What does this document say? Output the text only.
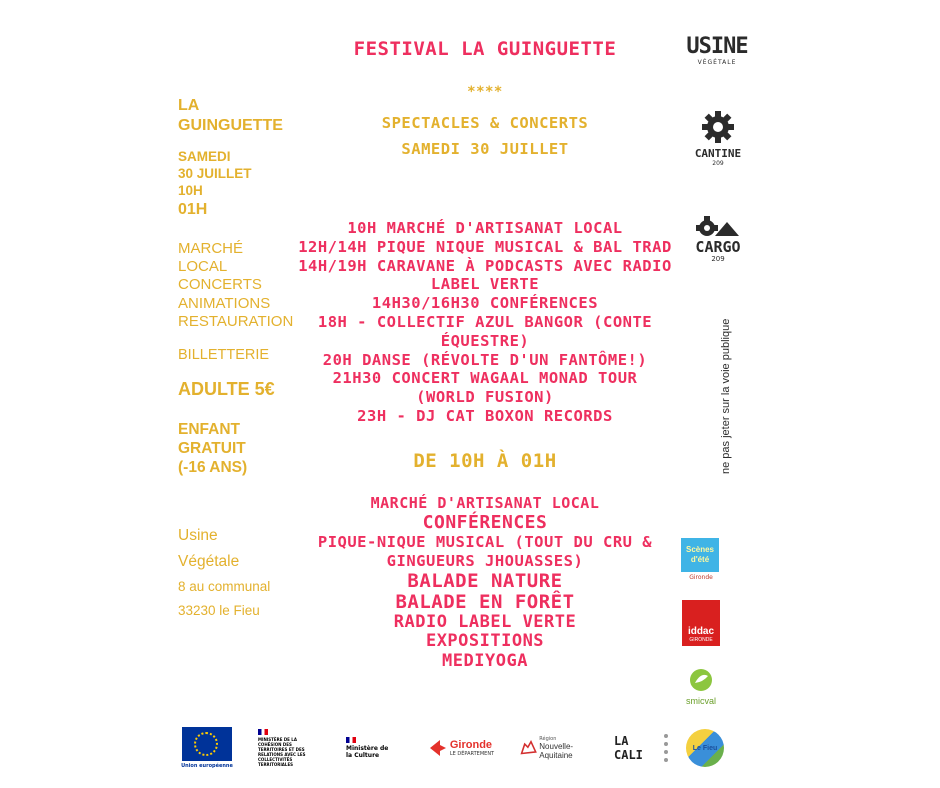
FESTIVAL LA GUINGUETTE
****
SPECTACLES & CONCERTS
SAMEDI 30 JUILLET
LA
GUINGUETTE
SAMEDI
30 JUILLET
10H
01H
MARCHÉ
LOCAL
CONCERTS
ANIMATIONS
RESTAURATION
BILLETTERIE
ADULTE 5€
ENFANT
GRATUIT
(-16 ANS)
Usine
Végétale
8 au communal
33230 le Fieu
10H MARCHÉ D'ARTISANAT LOCAL
12H/14H PIQUE NIQUE MUSICAL & BAL TRAD
14H/19H CARAVANE À PODCASTS AVEC RADIO
LABEL VERTE
14H30/16H30 CONFÉRENCES
18H - COLLECTIF AZUL BANGOR (CONTE
ÉQUESTRE)
20H DANSE (RÉVOLTE D'UN FANTÔME!)
21H30 CONCERT WAGAAL MONAD TOUR
(WORLD FUSION)
23H - DJ CAT BOXON RECORDS
DE 10H À 01H
MARCHÉ D'ARTISANAT LOCAL
CONFÉRENCES
PIQUE-NIQUE MUSICAL (TOUT DU CRU &
GINGUEURS JHOUASSES)
BALADE NATURE
BALADE EN FORÊT
RADIO LABEL VERTE
EXPOSITIONS
MEDIYOGA
USINE
VÉGÉTALE
CANTINE
209
CARGO
209
ne pas jeter sur la voie publique
Scènes d'été
Gironde
iddac
GIRONDE
smicval
Union européenne
MINISTÈRE DE LA COHÉSION DES TERRITOIRES ET DES RELATIONS AVEC LES COLLECTIVITÉS TERRITORIALES
Ministère de la Culture
Gironde
LE DÉPARTEMENT
Région
Nouvelle-Aquitaine
LA CALI	Le Fieu
